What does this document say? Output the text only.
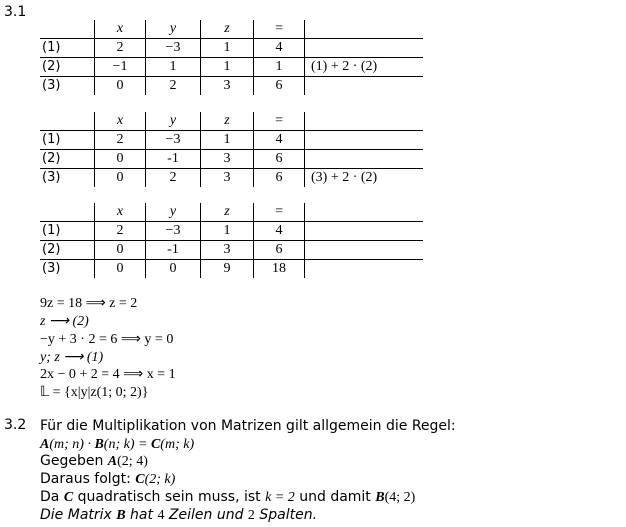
3.1
	x	y	z	=	
(1)	2	−3	1	4	
(2)	−1	1	1	1	(1) + 2 · (2)
(3)	0	2	3	6	
	x	y	z	=	
(1)	2	−3	1	4	
(2)	0	-1	3	6	
(3)	0	2	3	6	(3) + 2 · (2)
	x	y	z	=	
(1)	2	−3	1	4	
(2)	0	-1	3	6	
(3)	0	0	9	18	
9z = 18 ⟹ z = 2
z ⟶ (2)
−y + 3 · 2 = 6 ⟹ y = 0
y; z ⟶ (1)
2x − 0 + 2 = 4 ⟹ x = 1
𝕃 = {x|y|z(1; 0; 2)}
3.2 Für die Multiplikation von Matrizen gilt allgemein die Regel:
A(m; n) · B(n; k) = C(m; k)
Gegeben A(2; 4)
Daraus folgt: C(2; k)
Da C quadratisch sein muss, ist k = 2 und damit B(4; 2)
Die Matrix B hat 4 Zeilen und 2 Spalten.
